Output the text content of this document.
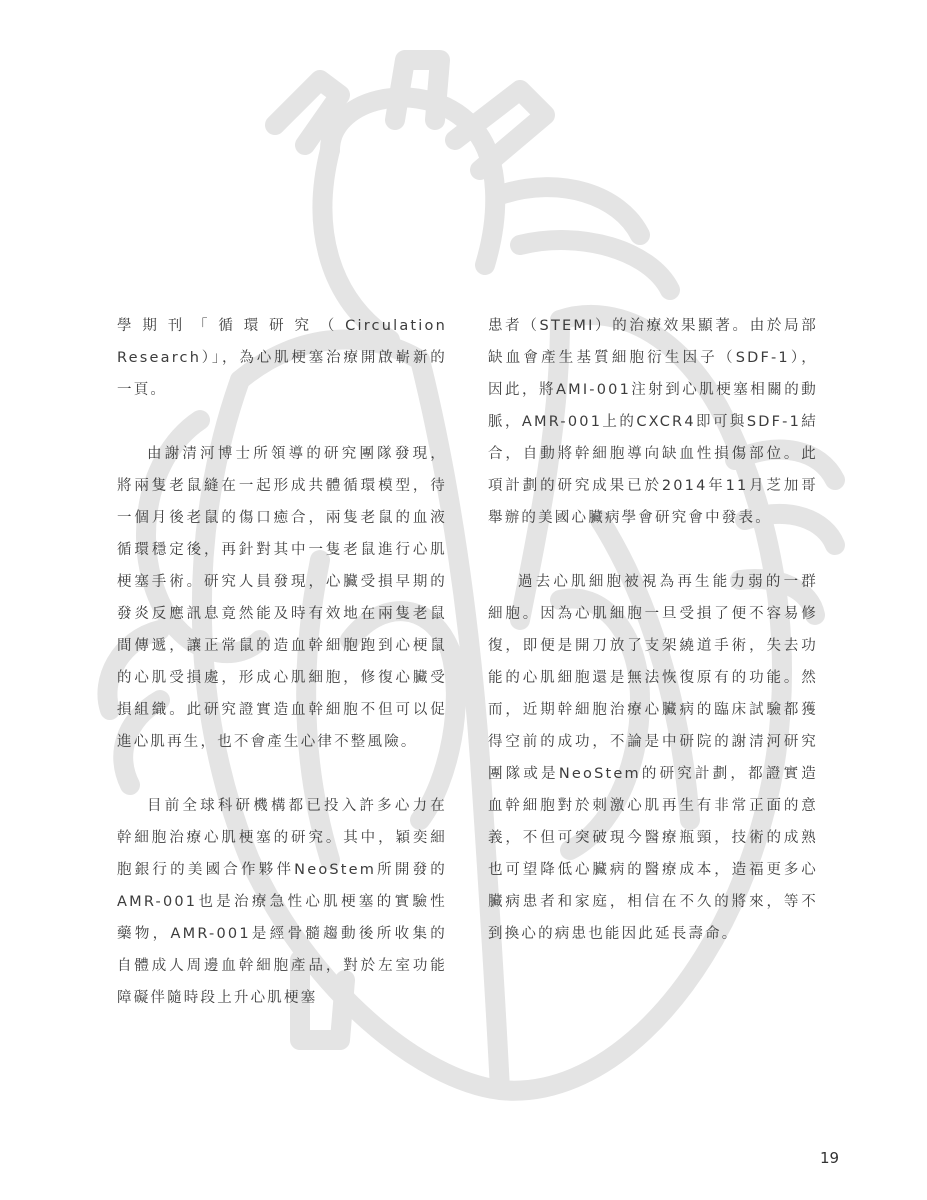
學期刊「循環研究（Circulation Research）」，為心肌梗塞治療開啟嶄新的一頁。

由謝清河博士所領導的研究團隊發現，將兩隻老鼠縫在一起形成共體循環模型，待一個月後老鼠的傷口癒合，兩隻老鼠的血液循環穩定後，再針對其中一隻老鼠進行心肌梗塞手術。研究人員發現，心臟受損早期的發炎反應訊息竟然能及時有效地在兩隻老鼠間傳遞，讓正常鼠的造血幹細胞跑到心梗鼠的心肌受損處，形成心肌細胞，修復心臟受損組織。此研究證實造血幹細胞不但可以促進心肌再生，也不會產生心律不整風險。

目前全球科研機構都已投入許多心力在幹細胞治療心肌梗塞的研究。其中，穎奕細胞銀行的美國合作夥伴NeoStem所開發的AMR-001也是治療急性心肌梗塞的實驗性藥物，AMR-001是經骨髓趨動後所收集的自體成人周邊血幹細胞產品，對於左室功能障礙伴隨時段上升心肌梗塞

患者（STEMI）的治療效果顯著。由於局部缺血會產生基質細胞衍生因子（SDF-1），因此，將AMI-001注射到心肌梗塞相關的動脈，AMR-001上的CXCR4即可與SDF-1結合，自動將幹細胞導向缺血性損傷部位。此項計劃的研究成果已於2014年11月芝加哥舉辦的美國心臟病學會研究會中發表。

過去心肌細胞被視為再生能力弱的一群細胞。因為心肌細胞一旦受損了便不容易修復，即便是開刀放了支架繞道手術，失去功能的心肌細胞還是無法恢復原有的功能。然而，近期幹細胞治療心臟病的臨床試驗都獲得空前的成功，不論是中研院的謝清河研究團隊或是NeoStem的研究計劃，都證實造血幹細胞對於刺激心肌再生有非常正面的意義，不但可突破現今醫療瓶頸，技術的成熟也可望降低心臟病的醫療成本，造福更多心臟病患者和家庭，相信在不久的將來，等不到換心的病患也能因此延長壽命。

19
